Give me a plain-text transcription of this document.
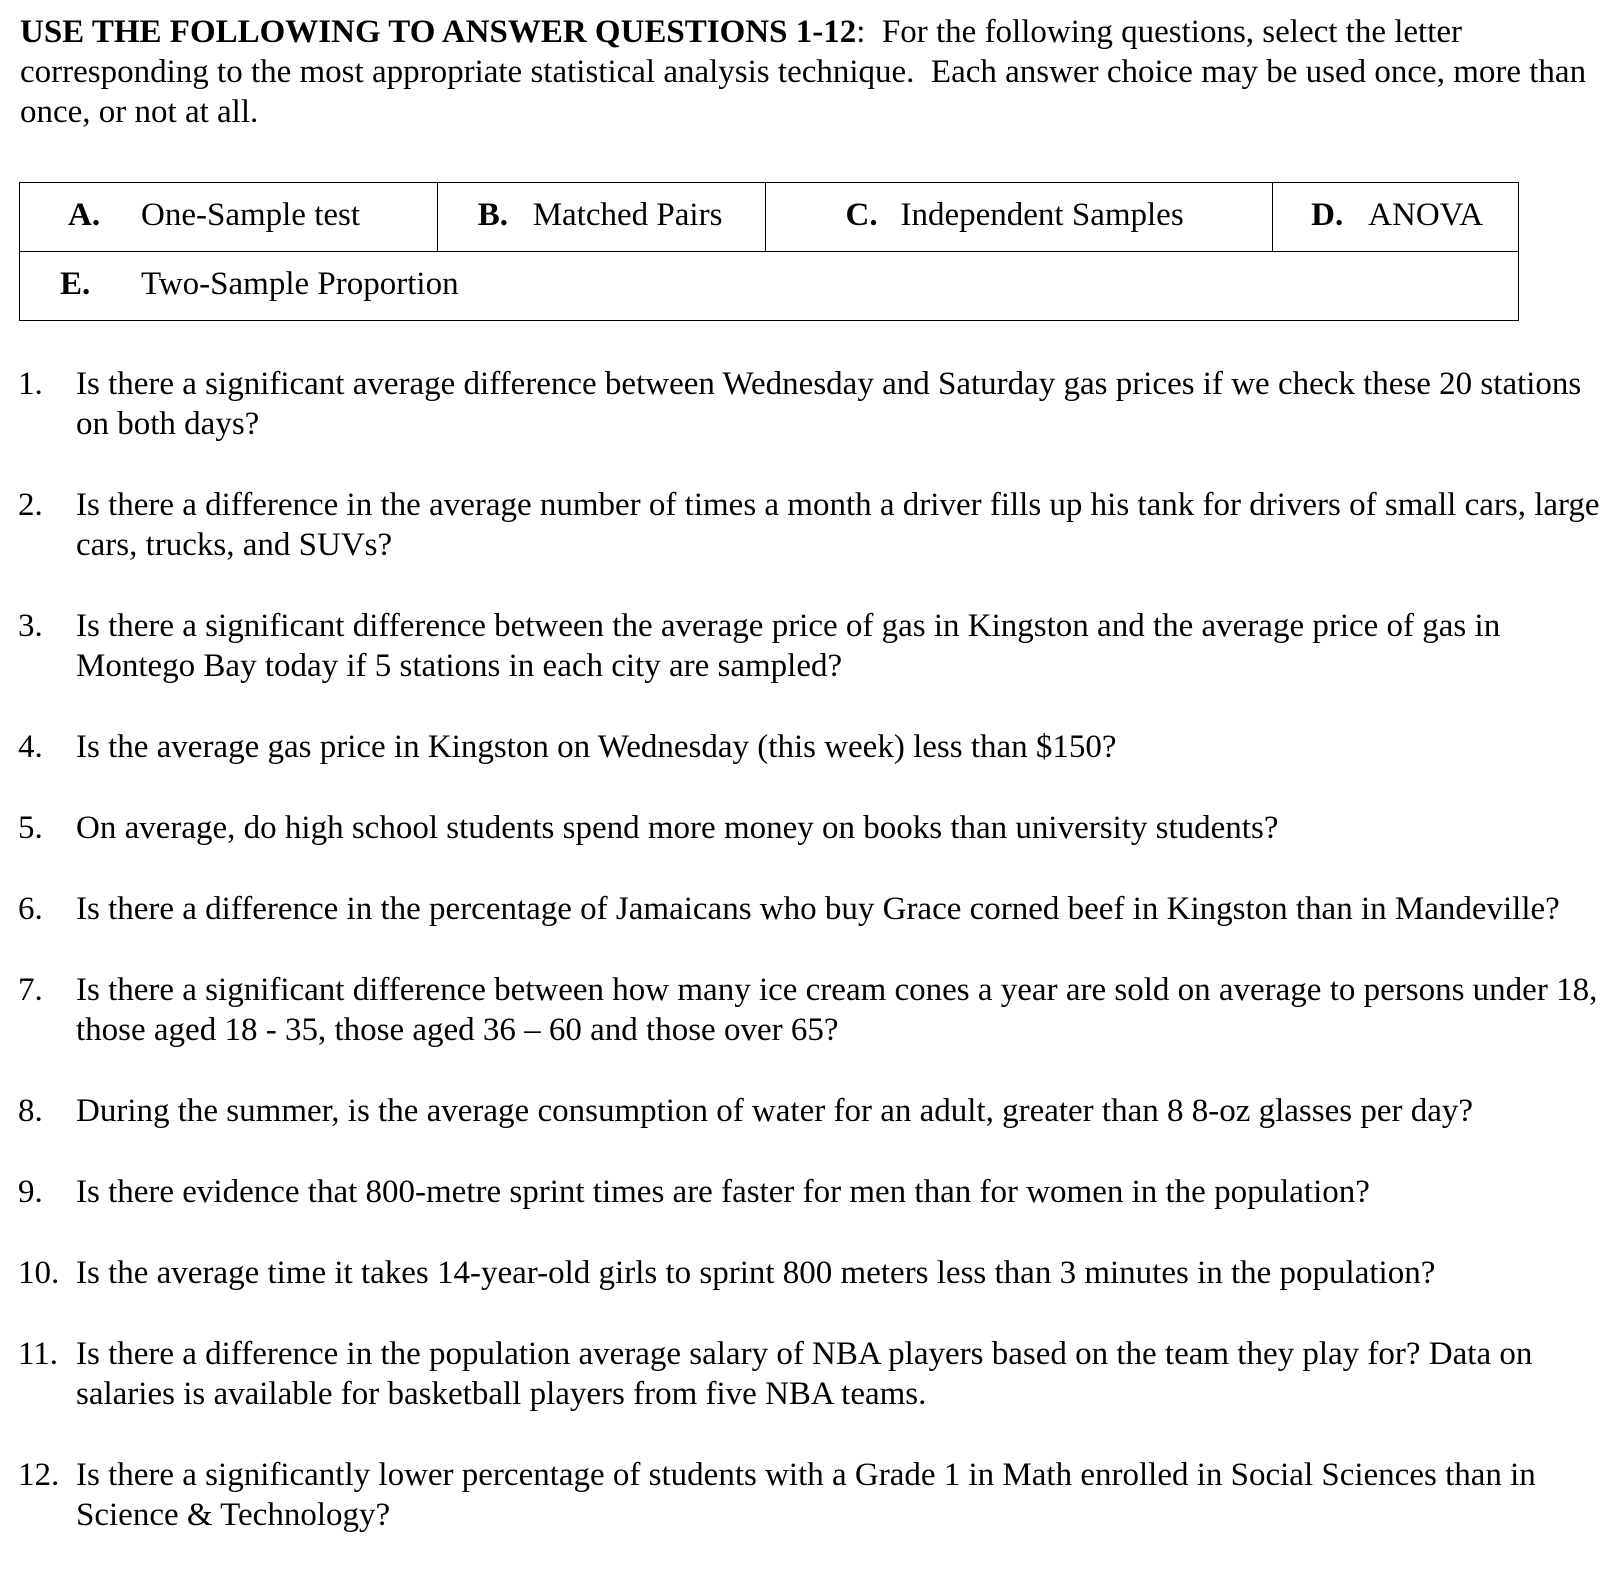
USE THE FOLLOWING TO ANSWER QUESTIONS 1-12:  For the following questions, select the letter corresponding to the most appropriate statistical analysis technique.  Each answer choice may be used once, more than once, or not at all.
A. One-Sample test	B. Matched Pairs	C. Independent Samples	D. ANOVA

E. Two-Sample Proportion
1.	Is there a significant average difference between Wednesday and Saturday gas prices if we check these 20 stations on both days?
2.	Is there a difference in the average number of times a month a driver fills up his tank for drivers of small cars, large cars, trucks, and SUVs?
3.	Is there a significant difference between the average price of gas in Kingston and the average price of gas in Montego Bay today if 5 stations in each city are sampled?
4.	Is the average gas price in Kingston on Wednesday (this week) less than $150?
5.	On average, do high school students spend more money on books than university students?
6.	Is there a difference in the percentage of Jamaicans who buy Grace corned beef in Kingston than in Mandeville?
7.	Is there a significant difference between how many ice cream cones a year are sold on average to persons under 18, those aged 18 - 35, those aged 36 – 60 and those over 65?
8.	During the summer, is the average consumption of water for an adult, greater than 8 8-oz glasses per day?
9.	Is there evidence that 800-metre sprint times are faster for men than for women in the population?
10. Is the average time it takes 14-year-old girls to sprint 800 meters less than 3 minutes in the population?
11. Is there a difference in the population average salary of NBA players based on the team they play for? Data on salaries is available for basketball players from five NBA teams.
12. Is there a significantly lower percentage of students with a Grade 1 in Math enrolled in Social Sciences than in Science & Technology?
